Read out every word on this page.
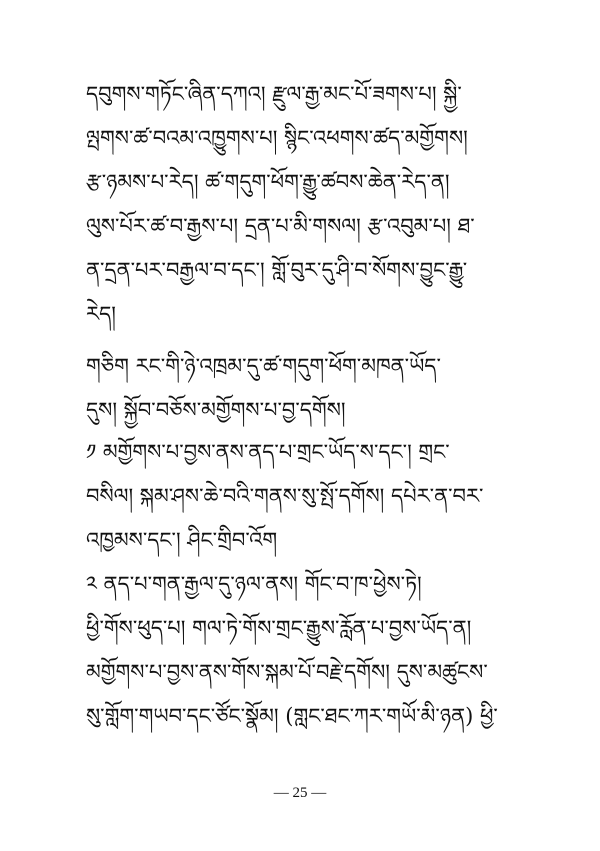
དབུགས་གཏོང་ཞིན་དཀའ། རྫུལ་རྒྱ་མང་པོ་ཟགས་པ། སྐྱི་
ལྤགས་ཚ་བའམ་འཁྱུགས་པ། སྙིང་འཕགས་ཚད་མགྱོགས།
རྩ་ཉམས་པ་རེད། ཚ་གདུག་ཕོག་རྒྱུ་ཚབས་ཆེན་རེད་ན།
ལུས་པོར་ཚ་བ་རྒྱས་པ། དྲན་པ་མི་གསལ། རྩ་འབུམ་པ། ཐ་
ན་དྲན་པར་བརྒྱལ་བ་དང་། གློ་བུར་དུ་ཤི་བ་སོགས་བྱུང་རྒྱུ་
རེད།
གཅིག རང་གི་ཉེ་འཁྲམ་དུ་ཚ་གདུག་ཕོག་མཁན་ཡོད་
དུས། སྐྱོབ་བཅོས་མགྱོགས་པ་བྱ་དགོས།
༡ མགྱོགས་པ་བྱས་ནས་ནད་པ་གྲང་ཡོད་ས་དང་། གྲང་
བསིལ། སྐམ་ཤས་ཆེ་བའི་གནས་སུ་སྤོ་དགོས། དཔེར་ན་བར་
འཁྱམས་དང་། ཤིང་གྲིབ་འོག
༢ ནད་པ་གན་རྒྱལ་དུ་ཉལ་ནས། གོང་བ་ཁ་ཕྱེས་ཏེ།
ཕྱི་གོས་ཕུད་པ། གལ་ཏེ་གོས་གྲང་རྒྱུས་རློན་པ་བྱས་ཡོད་ན།
མགྱོགས་པ་བྱས་ནས་གོས་སྐམ་པོ་བརྗེ་དགོས། དུས་མཚུངས་
སུ་གློག་གཡབ་དང་ཙོང་སྣོམ། (གླང་ཐང་ཀར་གཡོ་མི་ཉན) ཕྱི་
— 25 —
